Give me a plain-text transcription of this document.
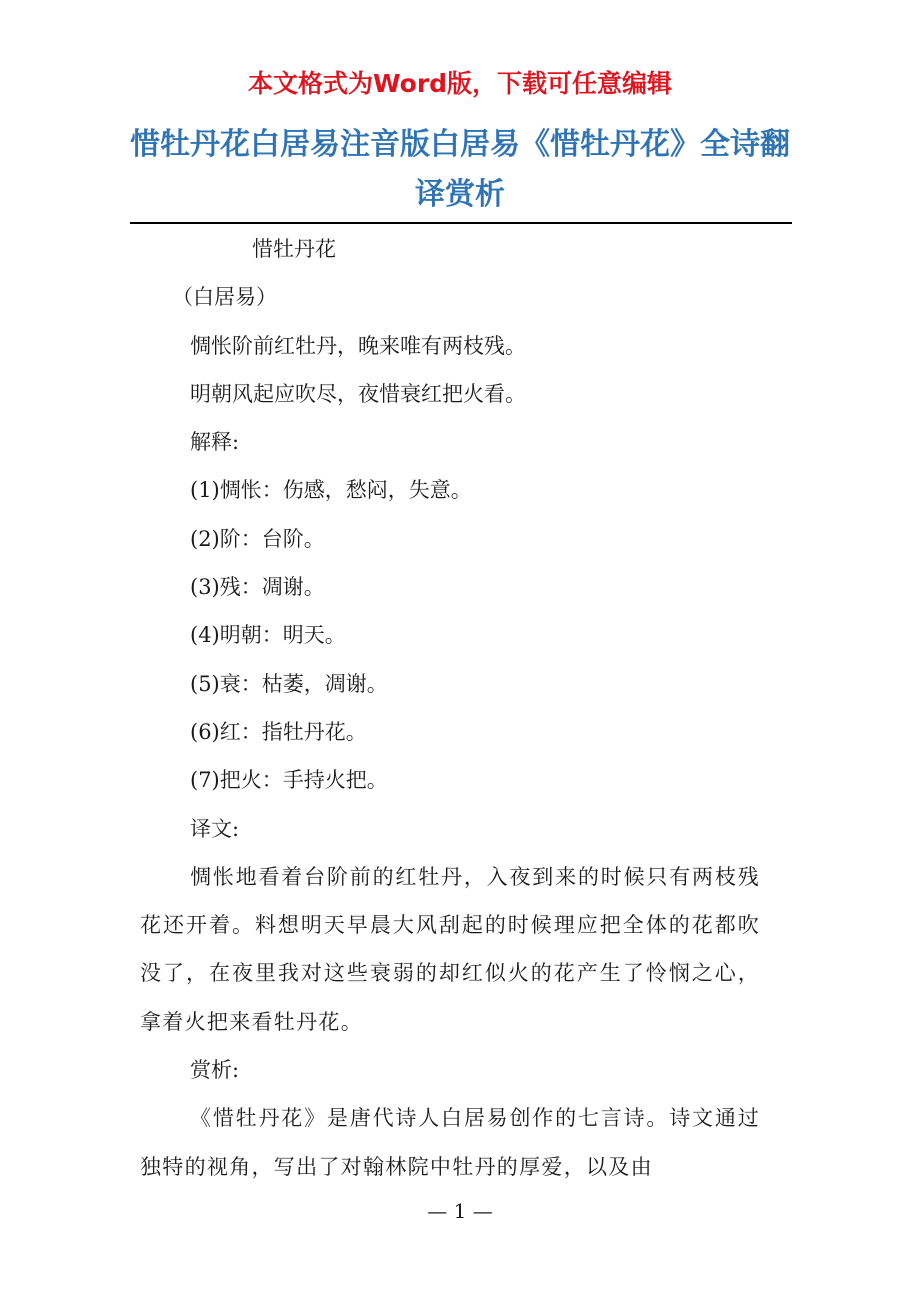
本文格式为Word版，下载可任意编辑
惜牡丹花白居易注音版白居易《惜牡丹花》全诗翻译赏析

惜牡丹花

（白居易）

惆怅阶前红牡丹，晚来唯有两枝残。

明朝风起应吹尽，夜惜衰红把火看。

解释:

(1)惆怅：伤感，愁闷，失意。

(2)阶：台阶。

(3)残：凋谢。

(4)明朝：明天。

(5)衰：枯萎，凋谢。

(6)红：指牡丹花。

(7)把火：手持火把。

译文:

惆怅地看着台阶前的红牡丹，入夜到来的时候只有两枝残花还开着。料想明天早晨大风刮起的时候理应把全体的花都吹没了，在夜里我对这些衰弱的却红似火的花产生了怜悯之心，拿着火把来看牡丹花。

赏析:

《惜牡丹花》是唐代诗人白居易创作的七言诗。诗文通过独特的视角，写出了对翰林院中牡丹的厚爱，以及由

— 1 —
